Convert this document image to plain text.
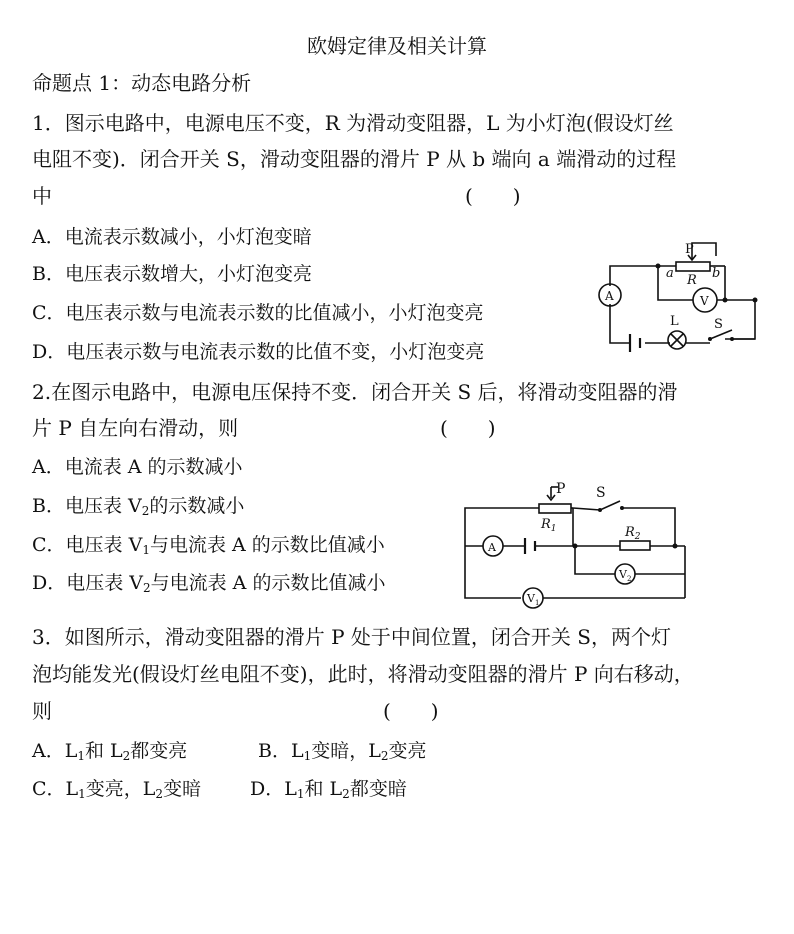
欧姆定律及相关计算
命题点 1：动态电路分析
1．图示电路中，电源电压不变，R 为滑动变阻器，L 为小灯泡(假设灯丝
电阻不变)．闭合开关 S，滑动变阻器的滑片 P 从 b 端向 a 端滑动的过程
中	(　　)
A．电流表示数减小，小灯泡变暗
B．电压表示数增大，小灯泡变亮
C．电压表示数与电流表示数的比值减小，小灯泡变亮
D．电压表示数与电流表示数的比值不变，小灯泡变亮
P
a	b
R
A	V
L	S
2.在图示电路中，电源电压保持不变．闭合开关 S 后，将滑动变阻器的滑
片 P 自左向右滑动，则	(　　)
A．电流表 A 的示数减小
B．电压表 $V_2$的示数减小
C．电压表 $V_1$与电流表 A 的示数比值减小
D．电压表 $V_2$与电流表 A 的示数比值减小
P S
$R_1$	$R_2$
A
$V_2$
$V_1$
3．如图所示，滑动变阻器的滑片 P 处于中间位置，闭合开关 S，两个灯
泡均能发光(假设灯丝电阻不变)，此时，将滑动变阻器的滑片 P 向右移动，
则	(　　)
A．$L_1$和 $L_2$都变亮	B．$L_1$变暗，$L_2$变亮
C．$L_1$变亮，$L_2$变暗	D．$L_1$和 $L_2$都变暗
